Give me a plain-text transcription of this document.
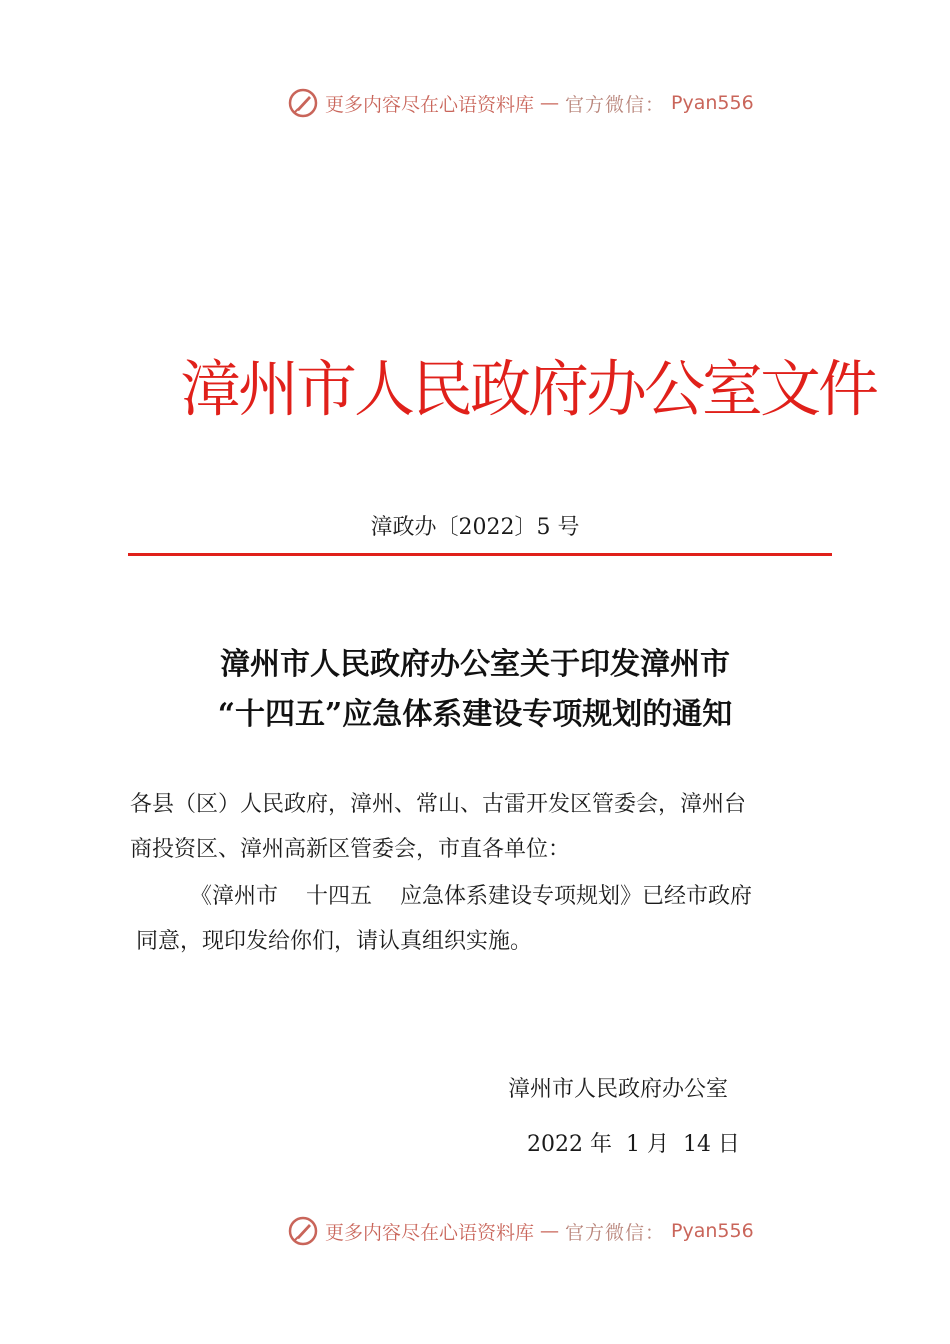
更多内容尽在心语资料库 — 官方微信： Pyan556
漳州市人民政府办公室文件
漳政办〔2022〕5 号
漳州市人民政府办公室关于印发漳州市
“十四五”应急体系建设专项规划的通知
各县（区）人民政府，漳州、常山、古雷开发区管委会，漳州台
商投资区、漳州高新区管委会，市直各单位：
《漳州市 十四五 应急体系建设专项规划》已经市政府
同意，现印发给你们，请认真组织实施。
漳州市人民政府办公室
2022 年  1 月  14 日
更多内容尽在心语资料库 — 官方微信： Pyan556
